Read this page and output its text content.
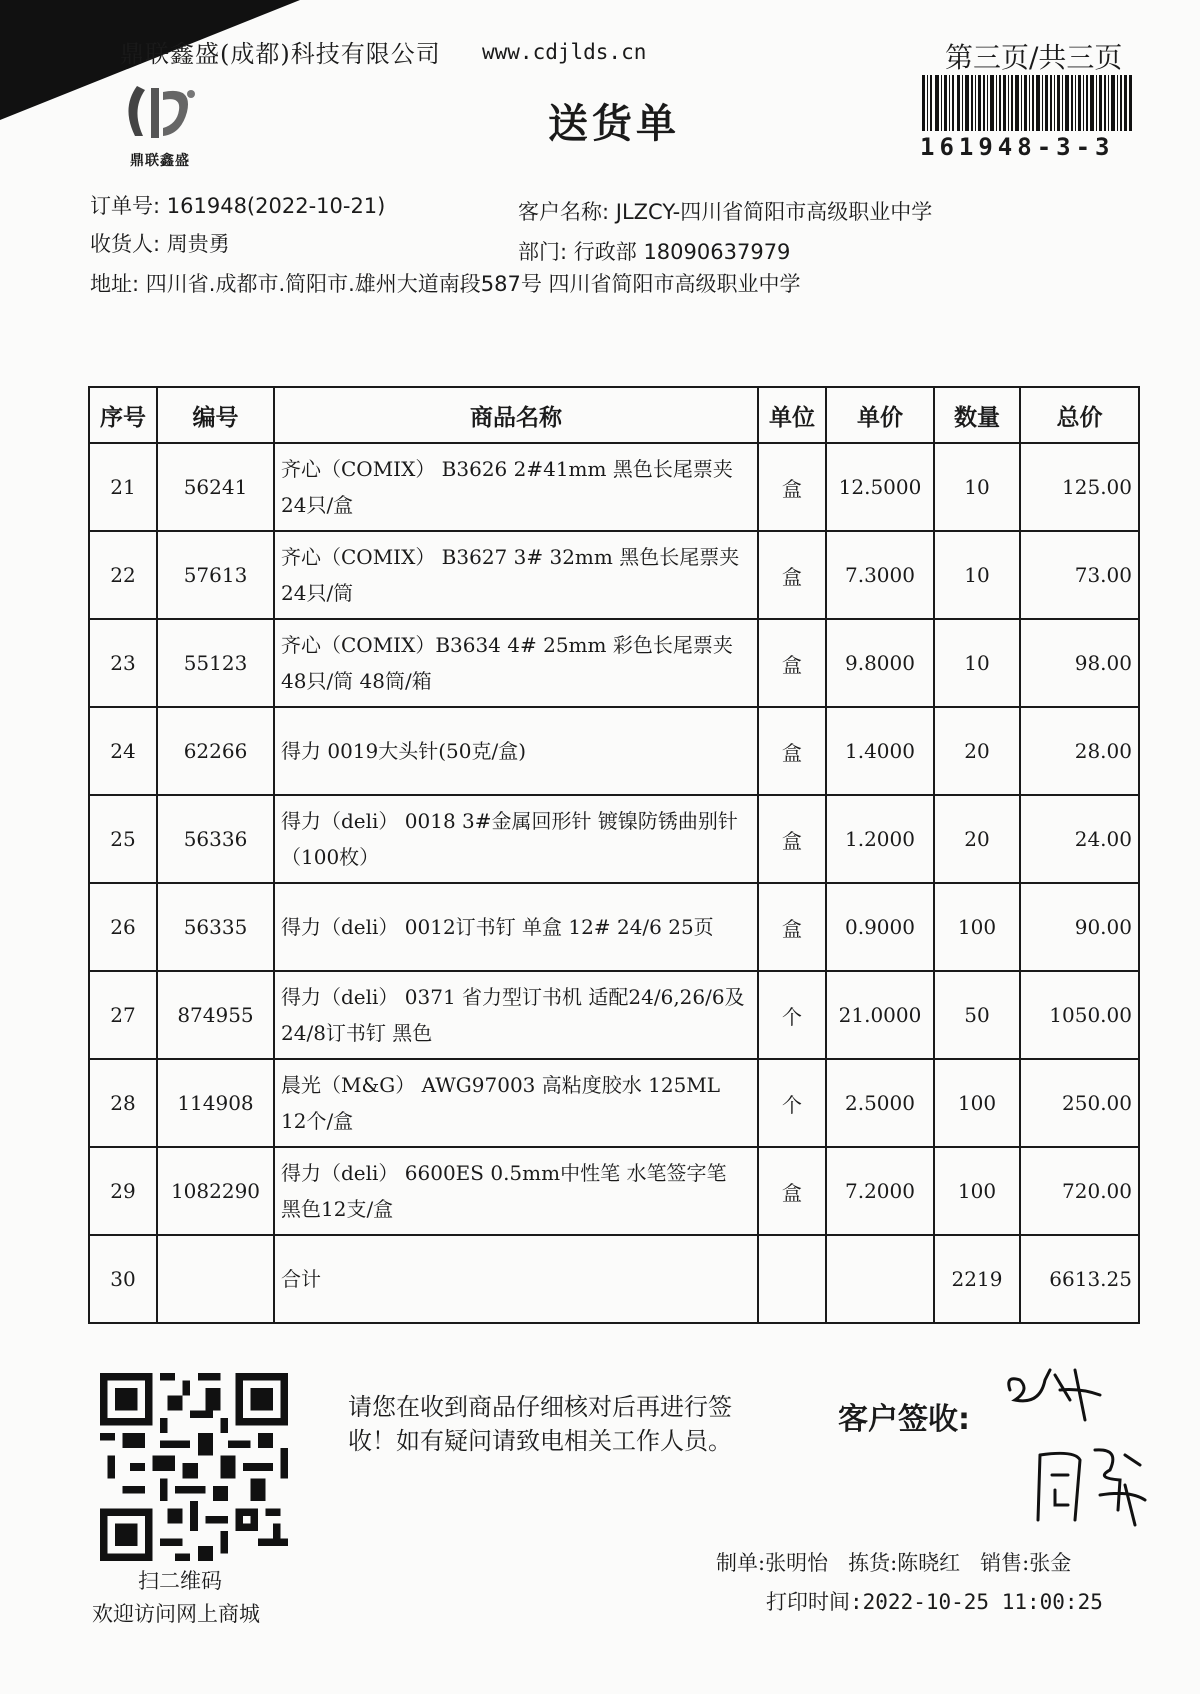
鼎联鑫盛(成都)科技有限公司 www.cdjlds.cn	第三页/共三页
161948-3-3
鼎联鑫盛
送货单
订单号: 161948(2022-10-21)
收货人: 周贵勇
地址: 四川省.成都市.简阳市.雄州大道南段587号 四川省简阳市高级职业中学
客户名称: JLZCY-四川省简阳市高级职业中学
部门: 行政部 18090637979
序号	编号	商品名称	单位	单价	数量	总价
21	56241	齐心（COMIX） B3626 2#41mm 黑色长尾票夹 24只/盒	盒	12.5000	10	125.00
22	57613	齐心（COMIX） B3627 3# 32mm 黑色长尾票夹 24只/筒	盒	7.3000	10	73.00
23	55123	齐心（COMIX）B3634 4# 25mm 彩色长尾票夹 48只/筒 48筒/箱	盒	9.8000	10	98.00
24	62266	得力 0019大头针(50克/盒)	盒	1.4000	20	28.00
25	56336	得力（deli） 0018 3#金属回形针 镀镍防锈曲别针（100枚）	盒	1.2000	20	24.00
26	56335	得力（deli） 0012订书钉 单盒 12# 24/6 25页	盒	0.9000	100	90.00
27	874955	得力（deli） 0371 省力型订书机 适配24/6,26/6及24/8订书钉 黑色	个	21.0000	50	1050.00
28	114908	晨光（M&G） AWG97003 高粘度胶水 125ML 12个/盒	个	2.5000	100	250.00
29	1082290	得力（deli） 6600ES 0.5mm中性笔 水笔签字笔 黑色12支/盒	盒	7.2000	100	720.00
30		合计			2219	6613.25
扫二维码
欢迎访问网上商城
请您在收到商品仔细核对后再进行签收！如有疑问请致电相关工作人员。
客户签收:
制单:张明怡 拣货:陈晓红 销售:张金
打印时间:2022-10-25 11:00:25
